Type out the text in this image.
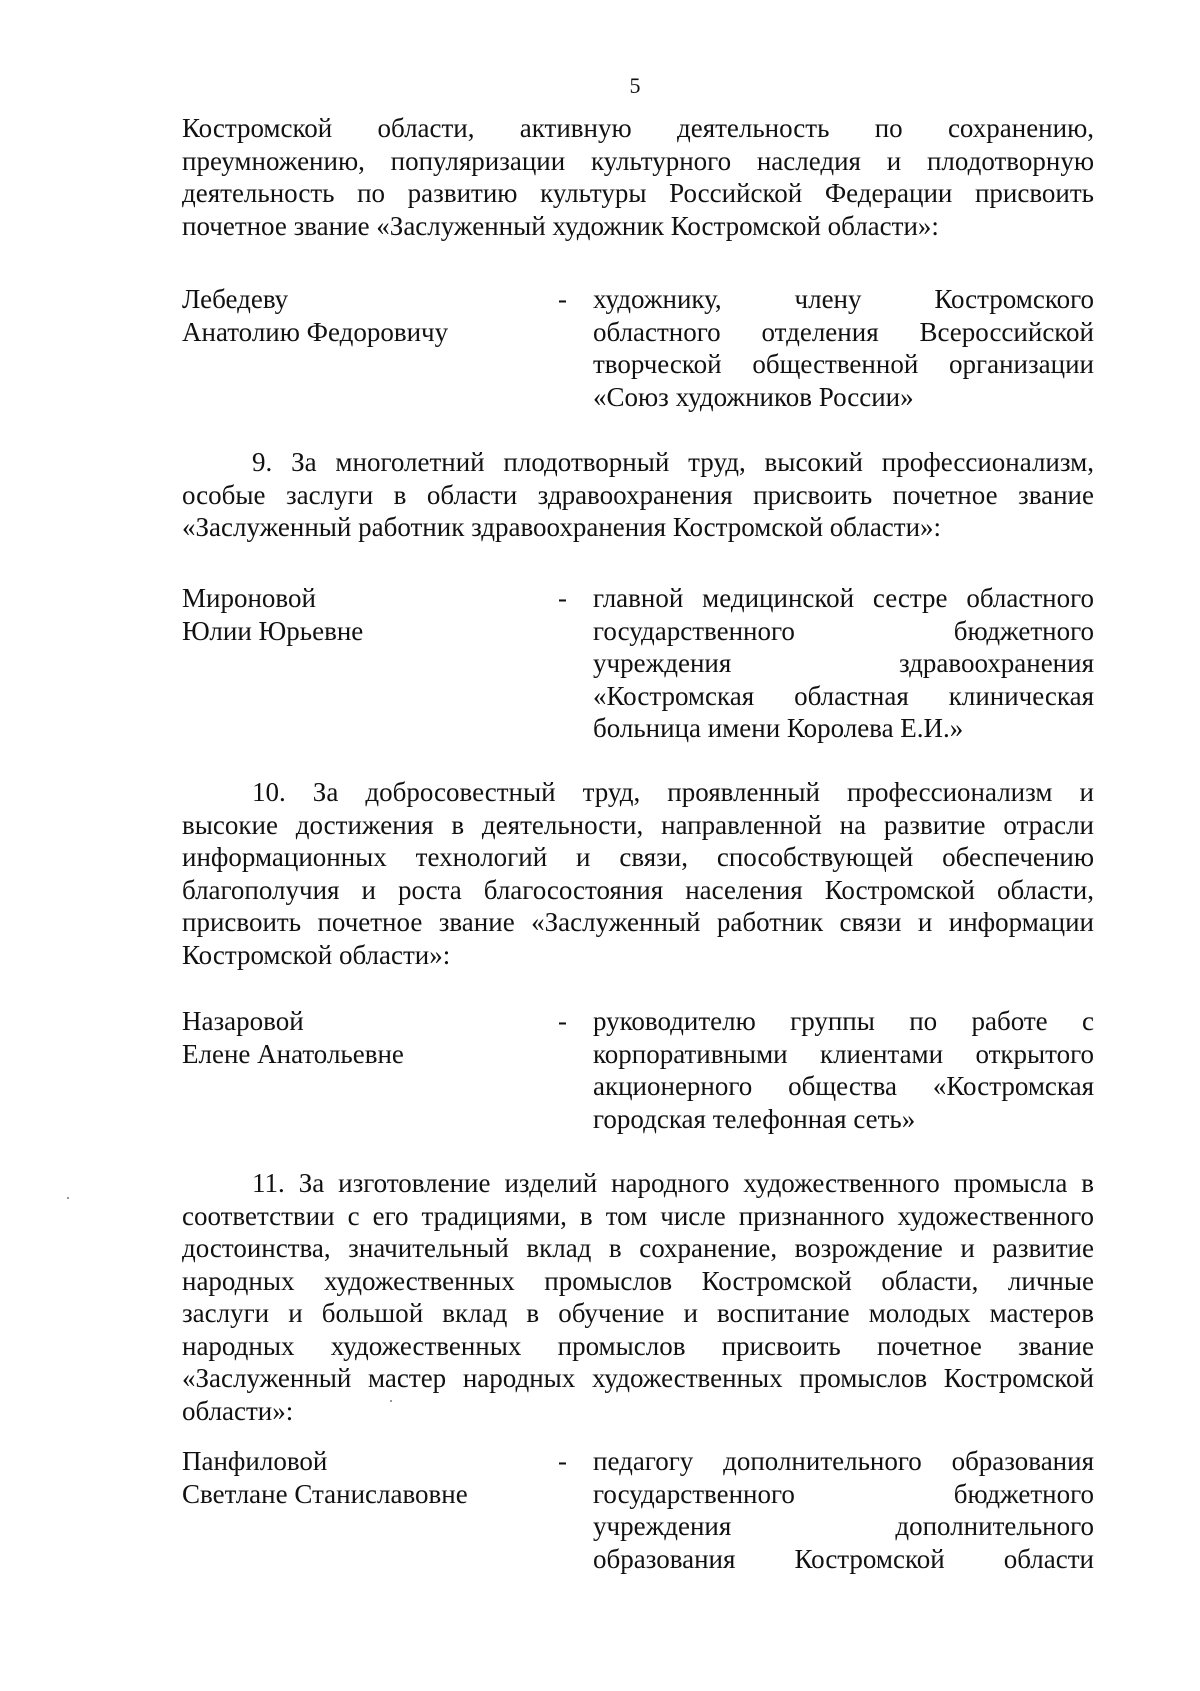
5
Костромской области, активную деятельность по сохранению,
преумножению, популяризации культурного наследия и плодотворную
деятельность по развитию культуры Российской Федерации присвоить
почетное звание «Заслуженный художник Костромской области»:
Лебедеву
Анатолию Федоровичу
- художнику, члену Костромского
областного отделения Всероссийской
творческой общественной организации
«Союз художников России»
9. За многолетний плодотворный труд, высокий профессионализм,
особые заслуги в области здравоохранения присвоить почетное звание
«Заслуженный работник здравоохранения Костромской области»:
Мироновой
Юлии Юрьевне
- главной медицинской сестре областного
государственного бюджетного
учреждения здравоохранения
«Костромская областная клиническая
больница имени Королева Е.И.»
10. За добросовестный труд, проявленный профессионализм и
высокие достижения в деятельности, направленной на развитие отрасли
информационных технологий и связи, способствующей обеспечению
благополучия и роста благосостояния населения Костромской области,
присвоить почетное звание «Заслуженный работник связи и информации
Костромской области»:
Назаровой
Елене Анатольевне
- руководителю группы по работе с
корпоративными клиентами открытого
акционерного общества «Костромская
городская телефонная сеть»
11. За изготовление изделий народного художественного промысла в
соответствии с его традициями, в том числе признанного художественного
достоинства, значительный вклад в сохранение, возрождение и развитие
народных художественных промыслов Костромской области, личные
заслуги и большой вклад в обучение и воспитание молодых мастеров
народных художественных промыслов присвоить почетное звание
«Заслуженный мастер народных художественных промыслов Костромской
области»:
Панфиловой
Светлане Станиславовне
- педагогу дополнительного образования
государственного бюджетного
учреждения дополнительного
образования Костромской области
